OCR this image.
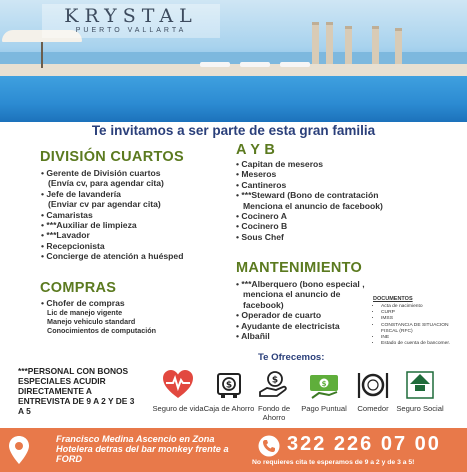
KRYSTAL
PUERTO VALLARTA
Te invitamos a ser parte de esta gran familia
DIVISIÓN CUARTOS
• Gerente de División cuartos
(Envía cv, para agendar cita)
• Jefe de lavandería
(Enviar cv par agendar cita)
• Camaristas
• ***Auxiliar de limpieza
• ***Lavador
• Recepcionista
• Concierge de atención a huésped
COMPRAS
• Chofer de compras
Lic de manejo vigente
Manejo vehiculo standard
Conocimientos de computación
A Y B
• Capitan de meseros
• Meseros
• Cantineros
• ***Steward (Bono de contratación
Menciona el anuncio de facebook)
• Cocinero A
• Cocinero B
• Sous Chef
MANTENIMIENTO
• ***Alberquero (bono especial ,
menciona el anuncio de
facebook)
• Operador de cuarto
• Ayudante de electricista
• Albañil
DOCUMENTOS
• Acta de nacimiento
• CURP
• IMSS
• CONSTANCIA DE SITUACION FISCAL (RFC)
• INE
• Estado de cuenta de bancomer.
***PERSONAL CON BONOS ESPECIALES ACUDIR DIRECTAMENTE A ENTREVISTA DE 9 A 2 Y DE 3 A 5
Te Ofrecemos:
Seguro de vida
$
Caja de Ahorro
$
Fondo de Ahorro
$
Pago Puntual	Comedor	Seguro Social
Francisco Medina Ascencio en Zona Hotelera detras del bar monkey frente a FORD
322 226 07 00
No requieres cita te esperamos de 9 a 2 y de 3 a 5!
